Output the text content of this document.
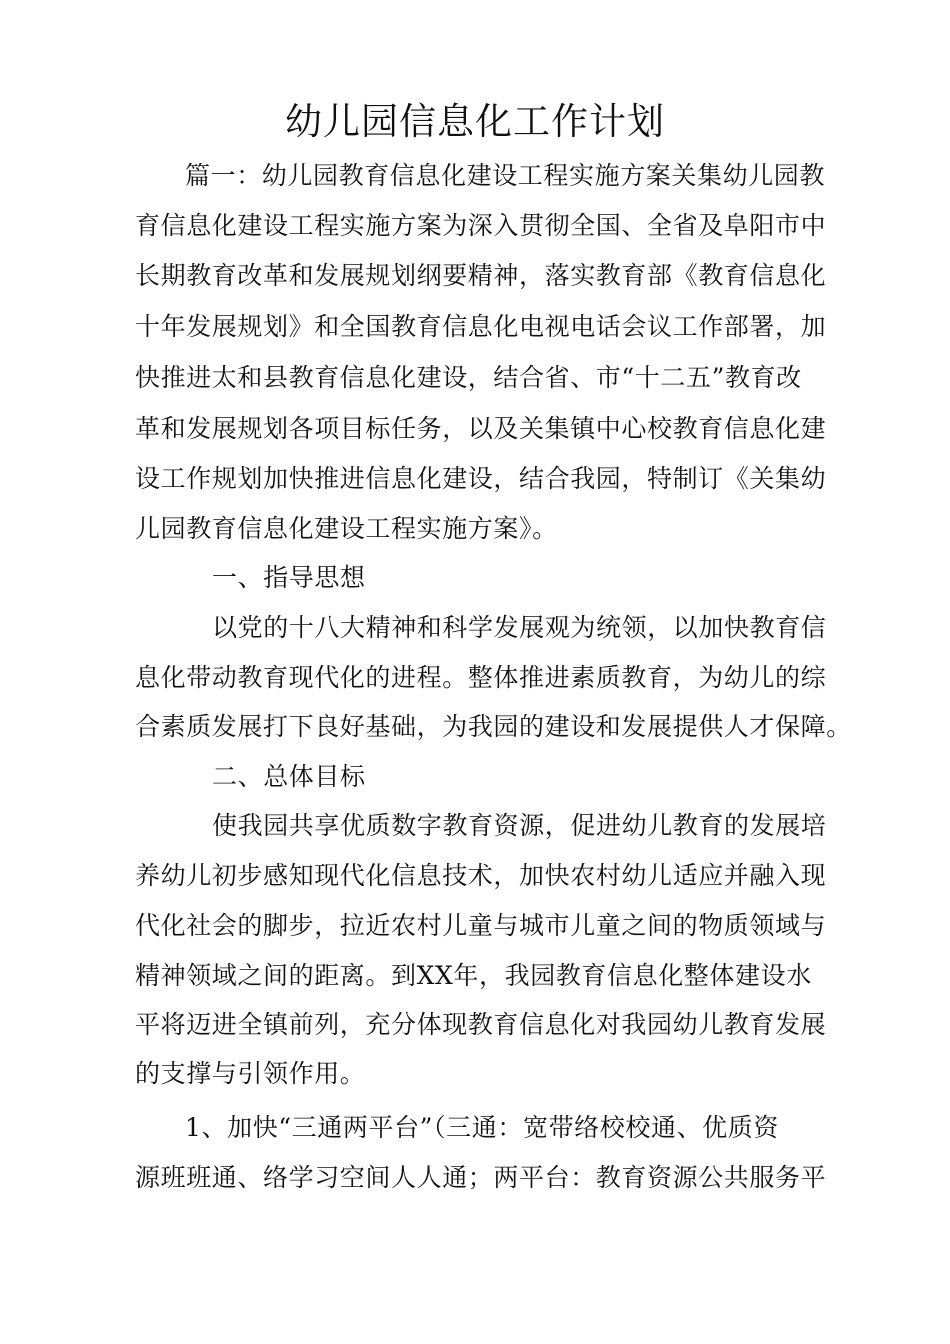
幼儿园信息化工作计划
篇一：幼儿园教育信息化建设工程实施方案关集幼儿园教
育信息化建设工程实施方案为深入贯彻全国、全省及阜阳市中
长期教育改革和发展规划纲要精神，落实教育部《教育信息化
十年发展规划》和全国教育信息化电视电话会议工作部署，加
快推进太和县教育信息化建设，结合省、市“十二五”教育改
革和发展规划各项目标任务，以及关集镇中心校教育信息化建
设工作规划加快推进信息化建设，结合我园，特制订《关集幼
儿园教育信息化建设工程实施方案》。
一、指导思想
以党的十八大精神和科学发展观为统领，以加快教育信
息化带动教育现代化的进程。整体推进素质教育，为幼儿的综
合素质发展打下良好基础，为我园的建设和发展提供人才保障。
二、总体目标
使我园共享优质数字教育资源，促进幼儿教育的发展培
养幼儿初步感知现代化信息技术，加快农村幼儿适应并融入现
代化社会的脚步，拉近农村儿童与城市儿童之间的物质领域与
精神领域之间的距离。到XX年，我园教育信息化整体建设水
平将迈进全镇前列，充分体现教育信息化对我园幼儿教育发展
的支撑与引领作用。
1、加快“三通两平台”（三通：宽带络校校通、优质资
源班班通、络学习空间人人通；两平台：教育资源公共服务平
